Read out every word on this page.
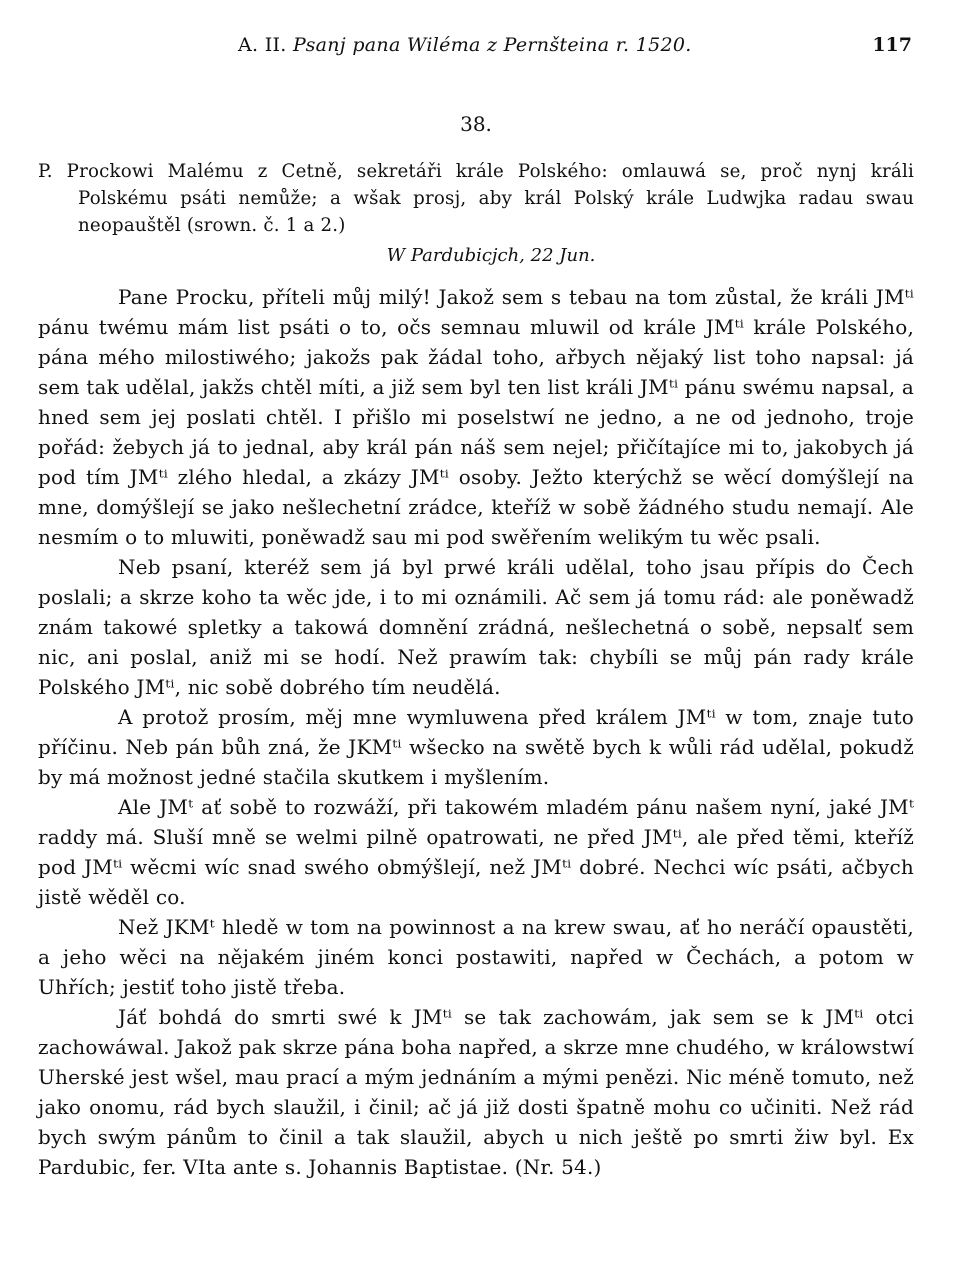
A. II. Psanj pana Wiléma z Pernšteina r. 1520.	117
38.
P. Prockowi Malému z Cetně, sekretáři krále Polského: omlauwá se, proč nynj králi Polskému psáti nemůže; a wšak prosj, aby král Polský krále Ludwjka radau swau neopauštěl (srown. č. 1 a 2.)
W Pardubicjch, 22 Jun.

Pane Procku, příteli můj milý! Jakož sem s tebau na tom zůstal, že králi JMᵗⁱ pánu twému mám list psáti o to, očs semnau mluwil od krále JMᵗⁱ krále Polského, pána mého milostiwého; jakožs pak žádal toho, ařbych nějaký list toho napsal: já sem tak udělal, jakžs chtěl míti, a již sem byl ten list králi JMᵗⁱ pánu swému napsal, a hned sem jej poslati chtěl. I přišlo mi poselstwí ne jedno, a ne od jednoho, troje pořád: žebych já to jednal, aby král pán náš sem nejel; přičítajíce mi to, jakobych já pod tím JMᵗⁱ zlého hledal, a zkázy JMᵗⁱ osoby. Ježto kterýchž se wěcí domýšlejí na mne, domýšlejí se jako nešlechetní zrádce, kteříž w sobě žádného studu nemají. Ale nesmím o to mluwiti, poněwadž sau mi pod swěřením welikým tu wěc psali.

Neb psaní, kteréž sem já byl prwé králi udělal, toho jsau přípis do Čech poslali; a skrze koho ta wěc jde, i to mi oznámili. Ač sem já tomu rád: ale poněwadž znám takowé spletky a takowá domnění zrádná, nešlechetná o sobě, nepsalť sem nic, ani poslal, aniž mi se hodí. Než prawím tak: chybíli se můj pán rady krále Polského JMᵗⁱ, nic sobě dobrého tím neudělá.

A protož prosím, měj mne wymluwena před králem JMᵗⁱ w tom, znaje tuto příčinu. Neb pán bůh zná, že JKMᵗⁱ wšecko na swětě bych k wůli rád udělal, pokudž by má možnost jedné stačila skutkem i myšlením.

Ale JMᵗ ať sobě to rozwáží, při takowém mladém pánu našem nyní, jaké JMᵗ raddy má. Sluší mně se welmi pilně opatrowati, ne před JMᵗⁱ, ale před těmi, kteříž pod JMᵗⁱ wěcmi wíc snad swého obmýšlejí, než JMᵗⁱ dobré. Nechci wíc psáti, ačbych jistě wěděl co.

Než JKMᵗ hledě w tom na powinnost a na krew swau, ať ho neráčí opaustěti, a jeho wěci na nějakém jiném konci postawiti, napřed w Čechách, a potom w Uhřích; jestiť toho jistě třeba.

Jáť bohdá do smrti swé k JMᵗⁱ se tak zachowám, jak sem se k JMᵗⁱ otci zachowáwal. Jakož pak skrze pána boha napřed, a skrze mne chudého, w králowstwí Uherské jest wšel, mau prací a mým jednáním a mými penězi. Nic méně tomuto, než jako onomu, rád bych slaužil, i činil; ač já již dosti špatně mohu co učiniti. Než rád bych swým pánům to činil a tak slaužil, abych u nich ještě po smrti žiw byl. Ex Pardubic, fer. VIta ante s. Johannis Baptistae. (Nr. 54.)
